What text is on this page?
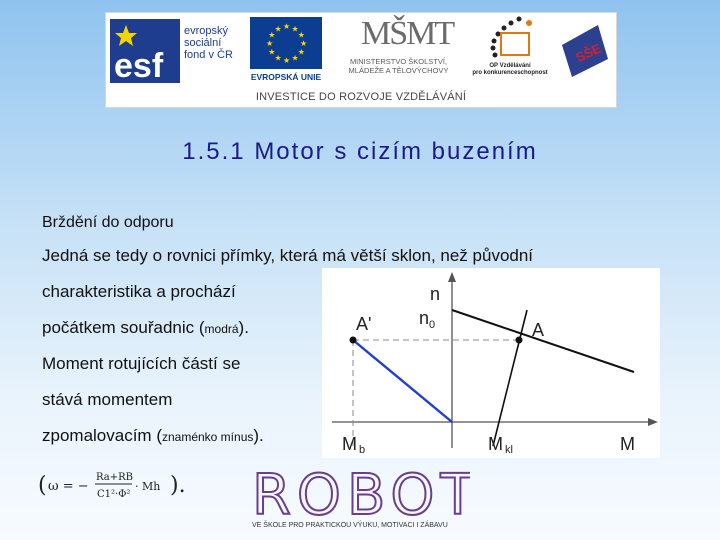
esf
evropský
sociální
fond v ČR
★ ★
★
★
★
★
★
★
★
★
★
★
EVROPSKÁ UNIE
MŠMT
MINISTERSTVO ŠKOLSTVÍ,
MLÁDEŽE A TĚLOVÝCHOVY	OP Vzdělávání
pro konkurenceschopnost
SŠE
INVESTICE DO ROZVOJE VZDĚLÁVÁNÍ
1.5.1 Motor s cizím buzením
Brždění do odporu
Jedná se tedy o rovnici přímky, která má větší sklon, než původní
charakteristika a prochází
počátkem souřadnic (modrá).
Moment rotujících částí se
stává momentem
zpomalovacím (znaménko mínus).
n
$n_0$
A'	A
Mb	Mkl	M
( ω = −
Ra+RB
C1²·Φ²
· Mh ). ROBOT
VE ŠKOLE PRO PRAKTICKOU VÝUKU, MOTIVACI I ZÁBAVU
